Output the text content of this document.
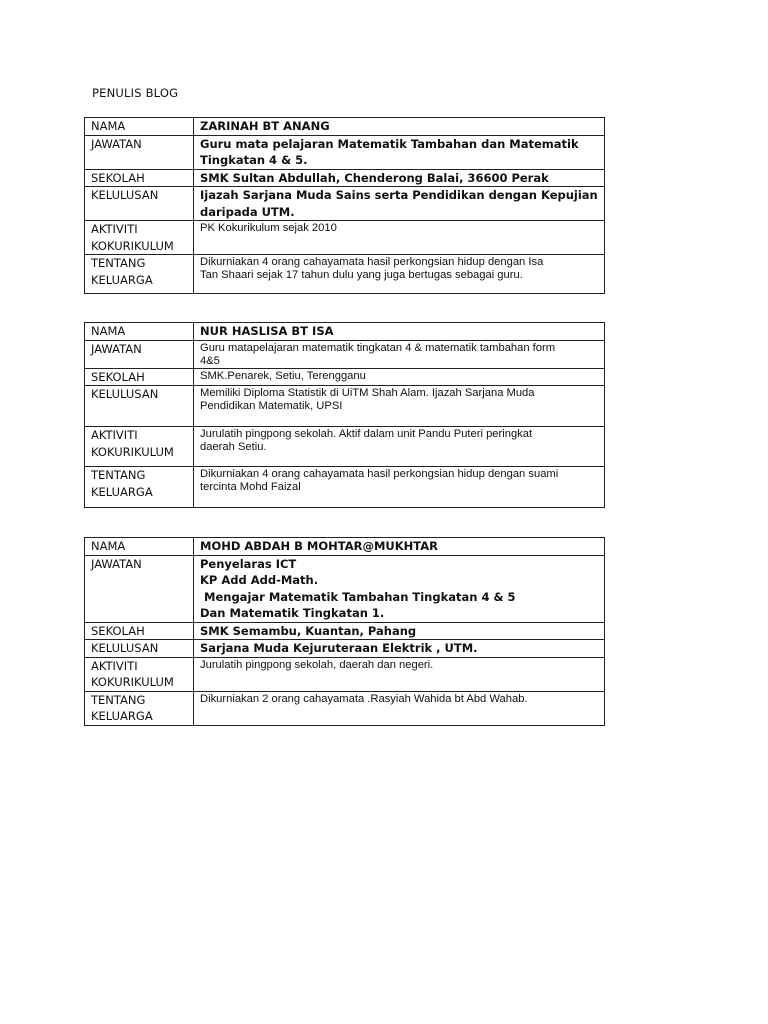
PENULIS BLOG
NAMA	ZARINAH BT ANANG

JAWATAN	Guru mata pelajaran Matematik Tambahan dan Matematik
Tingkatan 4 & 5.

SEKOLAH	SMK Sultan Abdullah, Chenderong Balai, 36600 Perak

KELULUSAN	Ijazah Sarjana Muda Sains serta Pendidikan dengan Kepujian
daripada UTM.

AKTIVITI KOKURIKULUM	PK Kokurikulum sejak 2010

TENTANG KELUARGA	Dikurniakan 4 orang cahayamata hasil perkongsian hidup dengan Isa
Tan Shaari sejak 17 tahun dulu yang juga bertugas sebagai guru.
NAMA	NUR HASLISA BT ISA

JAWATAN	Guru matapelajaran matematik tingkatan 4 & matematik tambahan form
4&5

SEKOLAH	SMK.Penarek, Setiu, Terengganu

KELULUSAN	Memiliki Diploma Statistik di UiTM Shah Alam. Ijazah Sarjana Muda
Pendidikan Matematik, UPSI

AKTIVITI KOKURIKULUM	Jurulatih pingpong sekolah. Aktif dalam unit Pandu Puteri peringkat
daerah Setiu.

TENTANG KELUARGA	Dikurniakan 4 orang cahayamata hasil perkongsian hidup dengan suami
tercinta Mohd Faizal
NAMA	MOHD ABDAH B MOHTAR@MUKHTAR

JAWATAN	Penyelaras ICT
KP Add Add-Math.
Mengajar Matematik Tambahan Tingkatan 4 & 5
Dan Matematik Tingkatan 1.

SEKOLAH	SMK Semambu, Kuantan, Pahang

KELULUSAN	Sarjana Muda Kejuruteraan Elektrik , UTM.

AKTIVITI KOKURIKULUM	Jurulatih pingpong sekolah, daerah dan negeri.

TENTANG KELUARGA	Dikurniakan 2 orang cahayamata .Rasyiah Wahida bt Abd Wahab.
